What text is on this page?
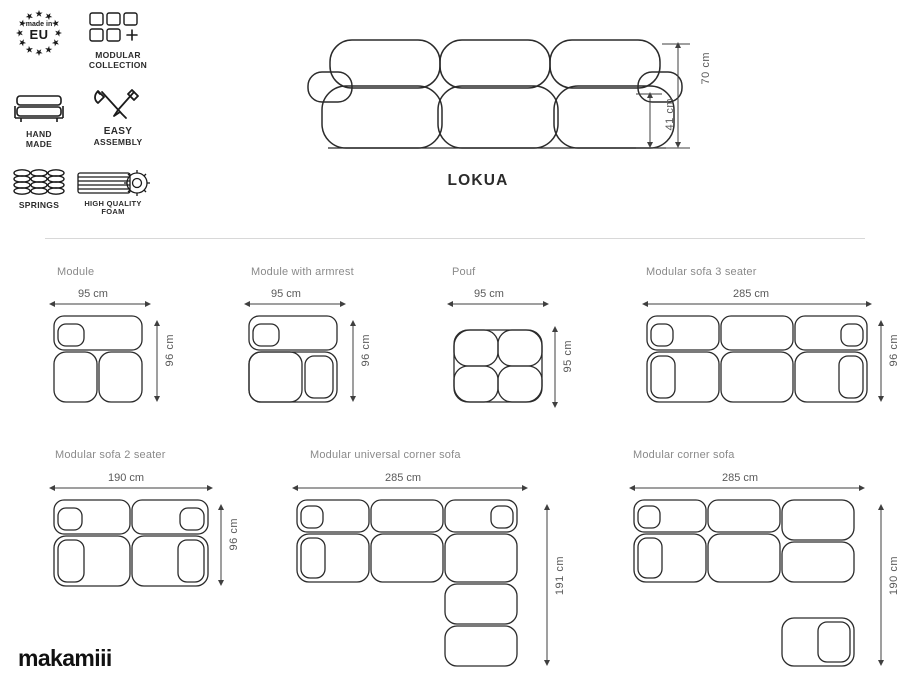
made in
EU
MODULAR
COLLECTION
HAND
MADE
EASY
ASSEMBLY
SPRINGS	HIGH QUALITY
FOAM
LOKUA
70 cm
41 cm
Module
95 cm
96 cm
Module with armrest
95 cm
96 cm
Pouf
95 cm
95 cm
Modular sofa 3 seater
285 cm
96 cm
Modular sofa 2 seater
190 cm
96 cm
Modular universal corner sofa
285 cm
191 cm
Modular corner sofa
285 cm
190 cm
makamiii
